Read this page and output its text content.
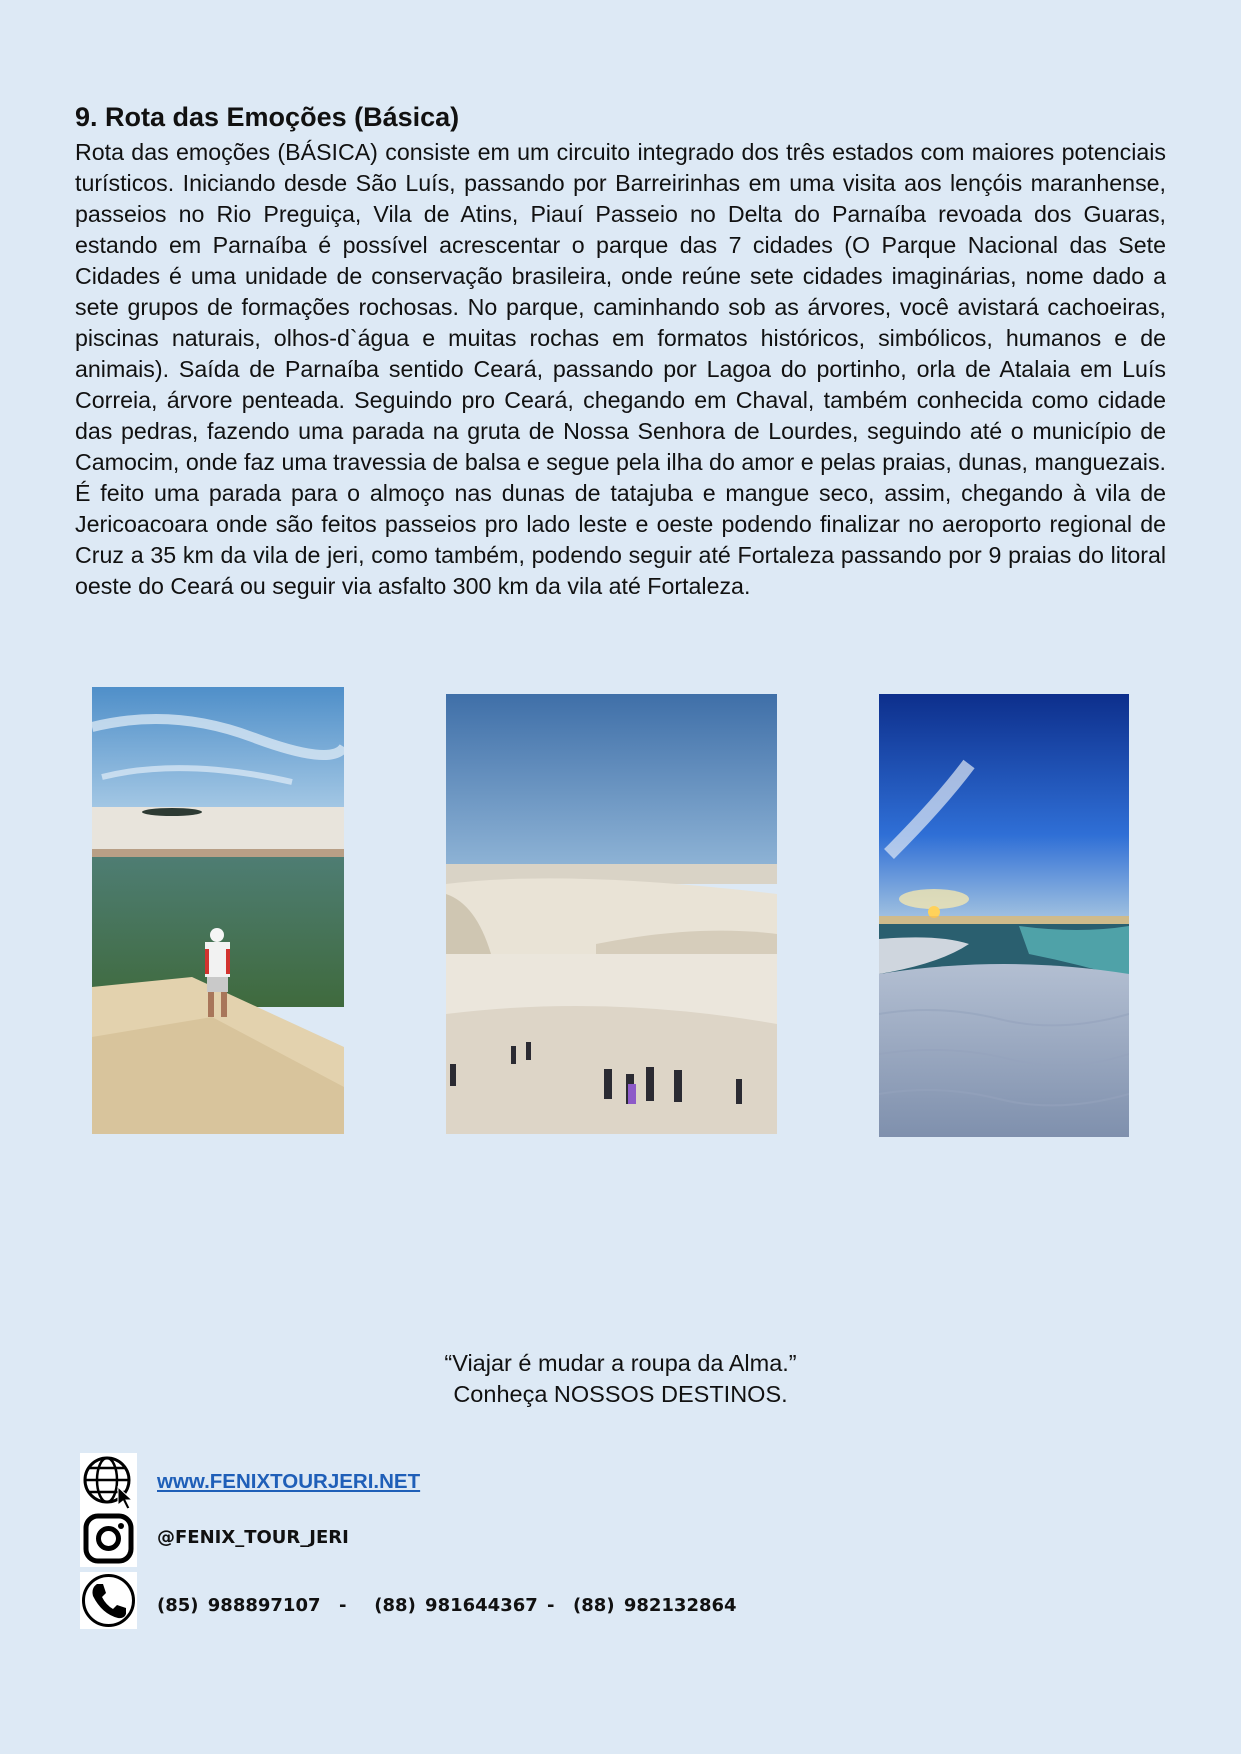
9. Rota das Emoções (Básica)

Rota das emoções (BÁSICA) consiste em um circuito integrado dos três estados com maiores potenciais turísticos. Iniciando desde São Luís, passando por Barreirinhas em uma visita aos lençóis maranhense, passeios no Rio Preguiça, Vila de Atins, Piauí Passeio no Delta do Parnaíba revoada dos Guaras, estando em Parnaíba é possível acrescentar o parque das 7 cidades (O Parque Nacional das Sete Cidades é uma unidade de conservação brasileira, onde reúne sete cidades imaginárias, nome dado a sete grupos de formações rochosas. No parque, caminhando sob as árvores, você avistará cachoeiras, piscinas naturais, olhos-d`água e muitas rochas em formatos históricos, simbólicos, humanos e de animais). Saída de Parnaíba sentido Ceará, passando por Lagoa do portinho, orla de Atalaia em Luís Correia, árvore penteada. Seguindo pro Ceará, chegando em Chaval, também conhecida como cidade das pedras, fazendo uma parada na gruta de Nossa Senhora de Lourdes, seguindo até o município de Camocim, onde faz uma travessia de balsa e segue pela ilha do amor e pelas praias, dunas, manguezais. É feito uma parada para o almoço nas dunas de tatajuba e mangue seco, assim, chegando à vila de Jericoacoara onde são feitos passeios pro lado leste e oeste podendo finalizar no aeroporto regional de Cruz a 35 km da vila de jeri, como também, podendo seguir até Fortaleza passando por 9 praias do litoral oeste do Ceará ou seguir via asfalto 300 km da vila até Fortaleza.

“Viajar é mudar a roupa da Alma.”
Conheça NOSSOS DESTINOS.
www.FENIXTOURJERI.NET
@FENIX_TOUR_JERI
(85) 988897107  -   (88) 981644367 -  (88) 982132864
